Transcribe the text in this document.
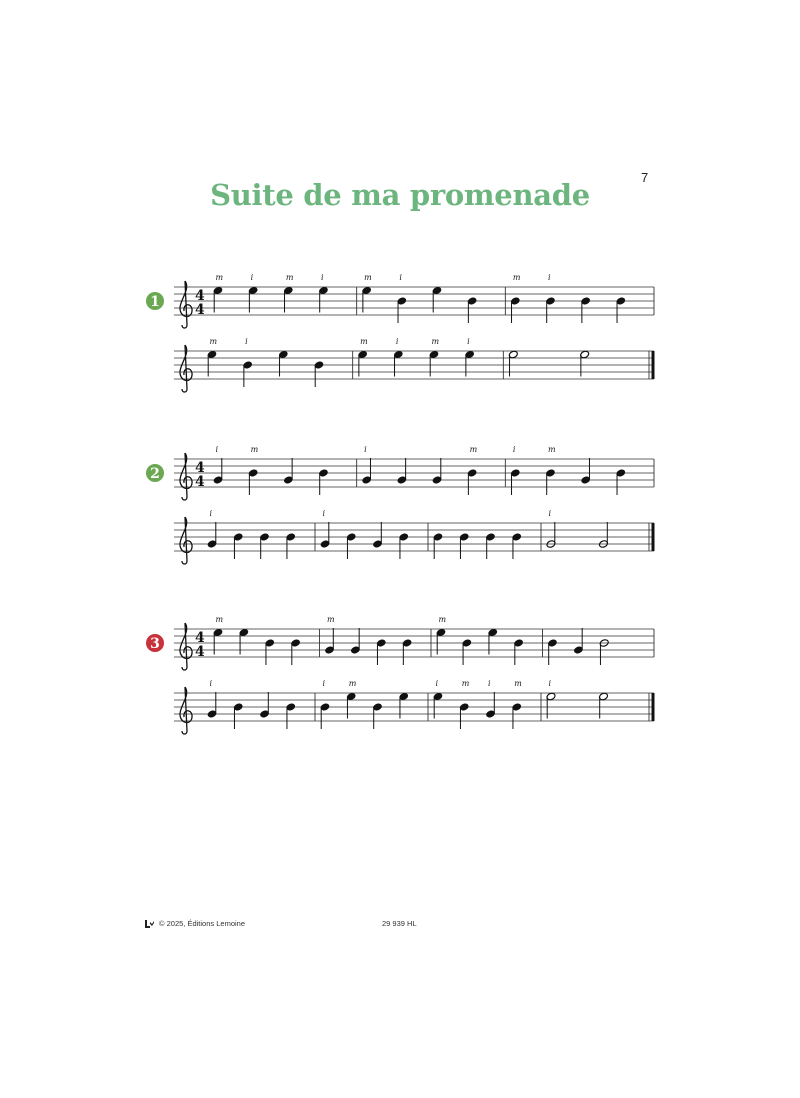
7
Suite de ma promenade
1	4
4
m	i	m	i	m	i	m	i
m	i	m	i	m	i
2	4
4
i	m	i	m	i	m
i	i	i
3	4
4
m	m	m
i	i	m	i	m i	m	i
© 2025, Éditions Lemoine	29 939 HL
